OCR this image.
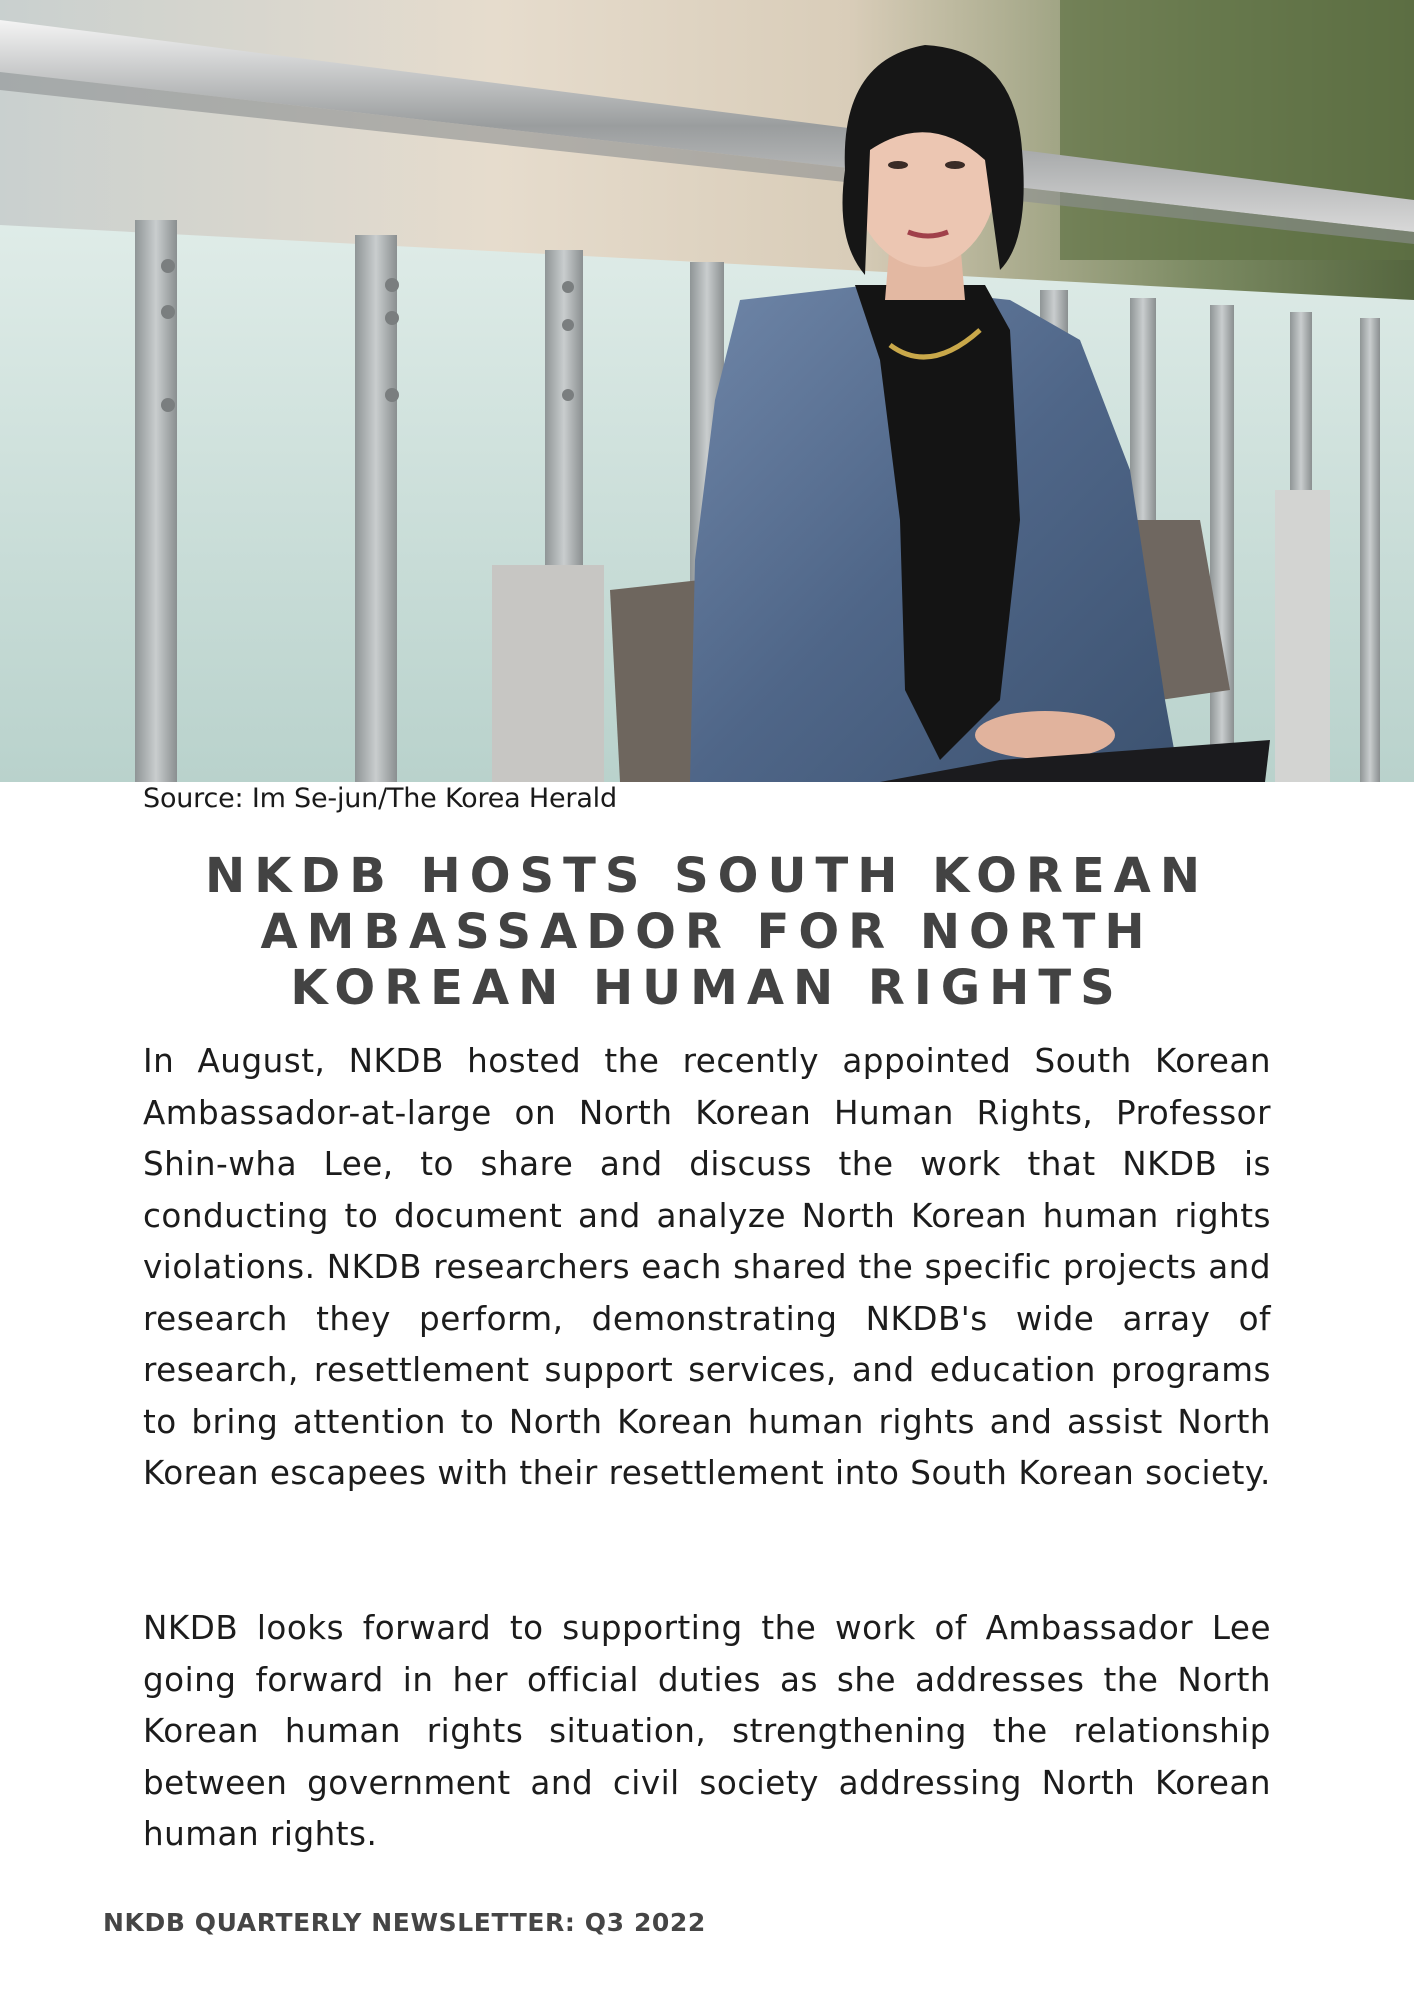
Source: Im Se-jun/The Korea Herald
NKDB HOSTS SOUTH KOREAN AMBASSADOR FOR NORTH KOREAN HUMAN RIGHTS

In August, NKDB hosted the recently appointed South Korean Ambassador-at-large on North Korean Human Rights, Professor Shin-wha Lee, to share and discuss the work that NKDB is conducting to document and analyze North Korean human rights violations. NKDB researchers each shared the specific projects and research they perform, demonstrating NKDB's wide array of research, resettlement support services, and education programs to bring attention to North Korean human rights and assist North Korean escapees with their resettlement into South Korean society.

NKDB looks forward to supporting the work of Ambassador Lee going forward in her official duties as she addresses the North Korean human rights situation, strengthening the relationship between government and civil society addressing North Korean human rights.

NKDB QUARTERLY NEWSLETTER: Q3 2022
